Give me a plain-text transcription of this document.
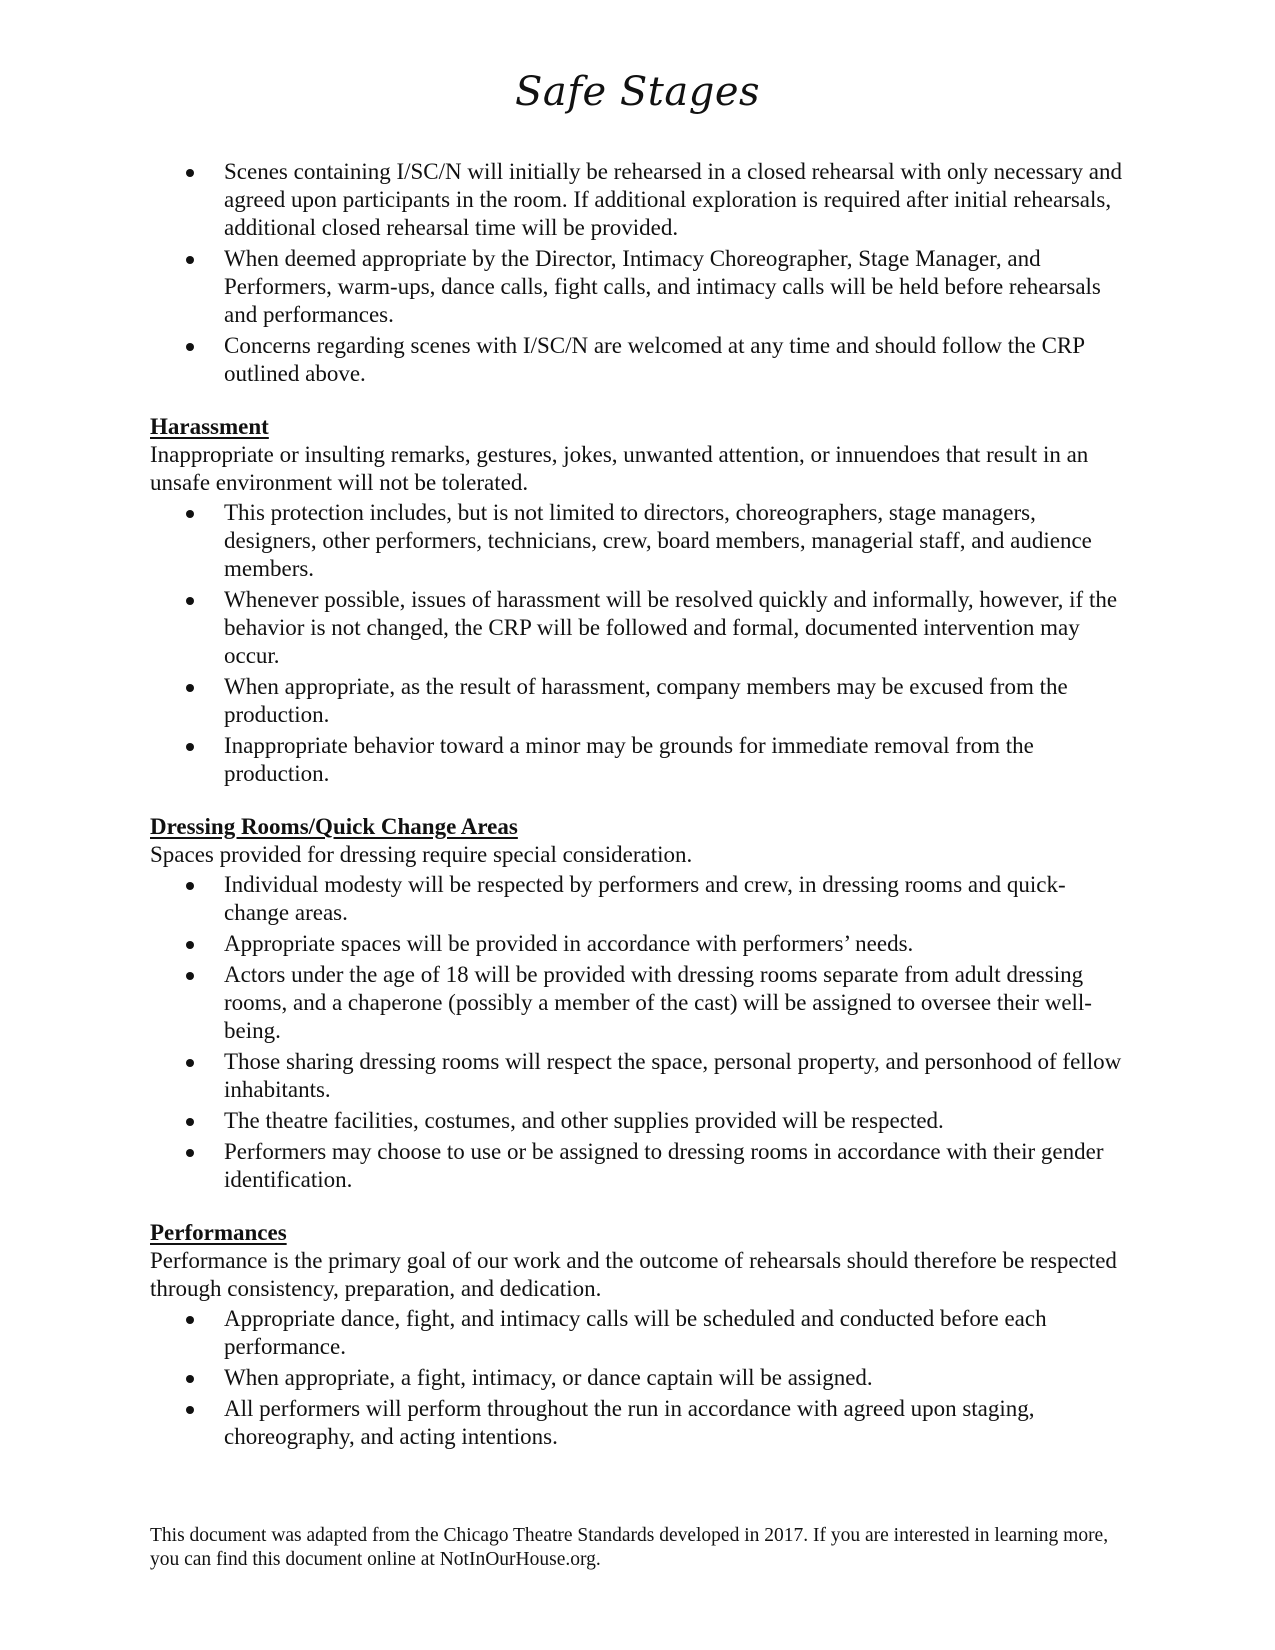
Safe Stages
Scenes containing I/SC/N will initially be rehearsed in a closed rehearsal with only necessary and agreed upon participants in the room. If additional exploration is required after initial rehearsals, additional closed rehearsal time will be provided.
When deemed appropriate by the Director, Intimacy Choreographer, Stage Manager, and Performers, warm-ups, dance calls, fight calls, and intimacy calls will be held before rehearsals and performances.
Concerns regarding scenes with I/SC/N are welcomed at any time and should follow the CRP outlined above.
Harassment
Inappropriate or insulting remarks, gestures, jokes, unwanted attention, or innuendoes that result in an unsafe environment will not be tolerated.
This protection includes, but is not limited to directors, choreographers, stage managers, designers, other performers, technicians, crew, board members, managerial staff, and audience members.
Whenever possible, issues of harassment will be resolved quickly and informally, however, if the behavior is not changed, the CRP will be followed and formal, documented intervention may occur.
When appropriate, as the result of harassment, company members may be excused from the production.
Inappropriate behavior toward a minor may be grounds for immediate removal from the production.
Dressing Rooms/Quick Change Areas
Spaces provided for dressing require special consideration.
Individual modesty will be respected by performers and crew, in dressing rooms and quick-change areas.
Appropriate spaces will be provided in accordance with performers’ needs.
Actors under the age of 18 will be provided with dressing rooms separate from adult dressing rooms, and a chaperone (possibly a member of the cast) will be assigned to oversee their well-being.
Those sharing dressing rooms will respect the space, personal property, and personhood of fellow inhabitants.
The theatre facilities, costumes, and other supplies provided will be respected.
Performers may choose to use or be assigned to dressing rooms in accordance with their gender identification.
Performances
Performance is the primary goal of our work and the outcome of rehearsals should therefore be respected through consistency, preparation, and dedication.
Appropriate dance, fight, and intimacy calls will be scheduled and conducted before each performance.
When appropriate, a fight, intimacy, or dance captain will be assigned.
All performers will perform throughout the run in accordance with agreed upon staging, choreography, and acting intentions.
This document was adapted from the Chicago Theatre Standards developed in 2017. If you are interested in learning more, you can find this document online at NotInOurHouse.org.
